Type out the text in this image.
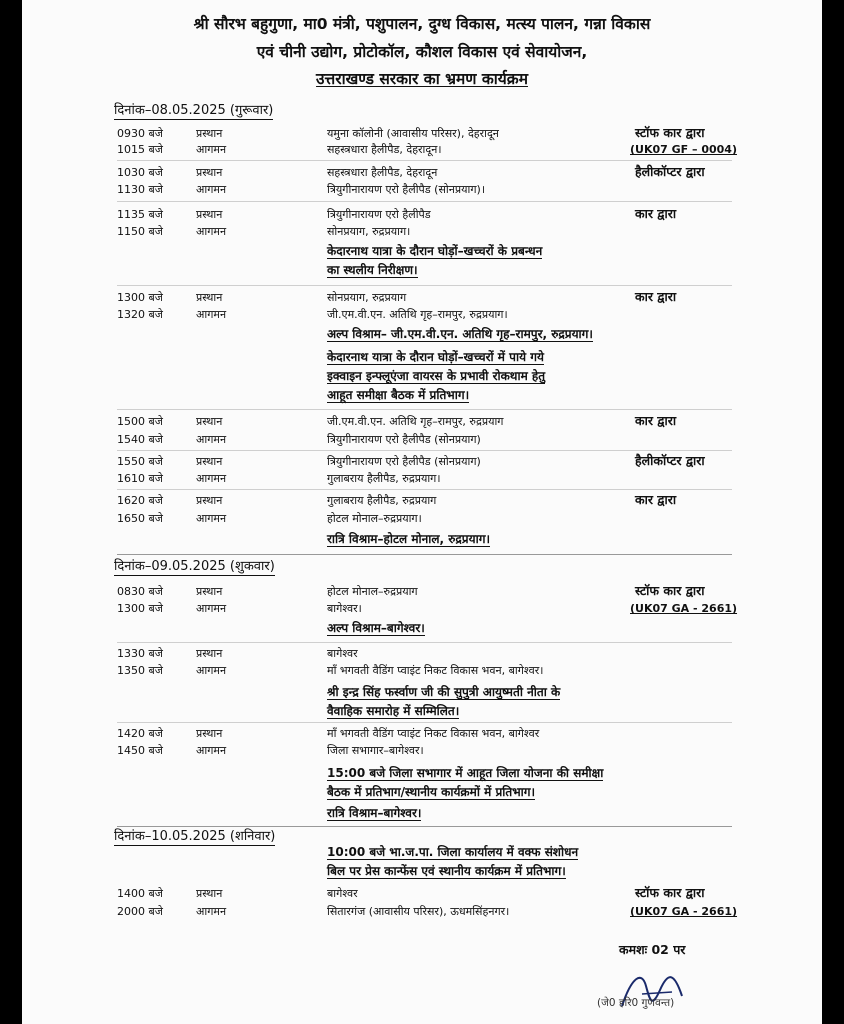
श्री सौरभ बहुगुणा, मा0 मंत्री, पशुपालन, दुग्ध विकास, मत्स्य पालन, गन्ना विकास
एवं चीनी उद्योग, प्रोटोकॉल, कौशल विकास एवं सेवायोजन,
उत्तराखण्ड सरकार का भ्रमण कार्यक्रम
दिनांक–08.05.2025 (गुरूवार)
0930 बजे	प्रस्थान	यमुना कॉलोनी (आवासीय परिसर), देहरादून	स्टॉफ कार द्वारा
1015 बजे	आगमन	सहस्त्रधारा हैलीपैड, देहरादून।	(UK07 GF – 0004)
1030 बजे	प्रस्थान	सहस्त्रधारा हैलीपैड, देहरादून	हैलीकॉप्टर द्वारा
1130 बजे	आगमन	त्रियुगीनारायण एरो हैलीपैड (सोनप्रयाग)।
1135 बजे	प्रस्थान	त्रियुगीनारायण एरो हैलीपैड	कार द्वारा
1150 बजे	आगमन	सोनप्रयाग, रुद्रप्रयाग।
केदारनाथ यात्रा के दौरान घोड़ों–खच्चरों के प्रबन्धन
का स्थलीय निरीक्षण।
1300 बजे	प्रस्थान	सोनप्रयाग, रुद्रप्रयाग	कार द्वारा
1320 बजे	आगमन	जी.एम.वी.एन. अतिथि गृह–रामपुर, रुद्रप्रयाग।
अल्प विश्राम– जी.एम.वी.एन. अतिथि गृह–रामपुर, रुद्रप्रयाग।
केदारनाथ यात्रा के दौरान घोड़ों–खच्चरों में पाये गये
इक्वाइन इन्फ्लूएंजा वायरस के प्रभावी रोकथाम हेतु
आहूत समीक्षा बैठक में प्रतिभाग।
1500 बजे	प्रस्थान	जी.एम.वी.एन. अतिथि गृह–रामपुर, रुद्रप्रयाग	कार द्वारा
1540 बजे	आगमन	त्रियुगीनारायण एरो हैलीपैड (सोनप्रयाग)
1550 बजे	प्रस्थान	त्रियुगीनारायण एरो हैलीपैड (सोनप्रयाग)	हैलीकॉप्टर द्वारा
1610 बजे	आगमन	गुलाबराय हैलीपैड, रुद्रप्रयाग।
1620 बजे	प्रस्थान	गुलाबराय हैलीपैड, रुद्रप्रयाग	कार द्वारा
1650 बजे	आगमन	होटल मोनाल–रुद्रप्रयाग।
रात्रि विश्राम–होटल मोनाल, रुद्रप्रयाग।
दिनांक–09.05.2025 (शुकवार)
0830 बजे	प्रस्थान	होटल मोनाल–रुद्रप्रयाग	स्टॉफ कार द्वारा
1300 बजे	आगमन	बागेश्वर।	(UK07 GA - 2661)
अल्प विश्राम–बागेश्वर।
1330 बजे	प्रस्थान	बागेश्वर
1350 बजे	आगमन	माँ भगवती वैडिंग प्वाइंट निकट विकास भवन, बागेश्वर।
श्री इन्द्र सिंह फर्स्वाण जी की सुपुत्री आयुष्मती नीता के
वैवाहिक समारोह में सम्मिलित।
1420 बजे	प्रस्थान	माँ भगवती वैडिंग प्वाइंट निकट विकास भवन, बागेश्वर
1450 बजे	आगमन	जिला सभागार–बागेश्वर।
15:00 बजे जिला सभागार में आहूत जिला योजना की समीक्षा
बैठक में प्रतिभाग/स्थानीय कार्यक्रमों में प्रतिभाग।
रात्रि विश्राम–बागेश्वर।
दिनांक–10.05.2025 (शनिवार)
10:00 बजे भा.ज.पा. जिला कार्यालय में वक्फ संशोधन
बिल पर प्रेस कान्फेंस एवं स्थानीय कार्यक्रम में प्रतिभाग।
1400 बजे	प्रस्थान	बागेश्वर	स्टॉफ कार द्वारा
2000 बजे	आगमन	सितारगंज (आवासीय परिसर), ऊधमसिंहनगर।	(UK07 GA - 2661)
कमशः 02 पर
(जे0 हरि0 गुणवन्त)
